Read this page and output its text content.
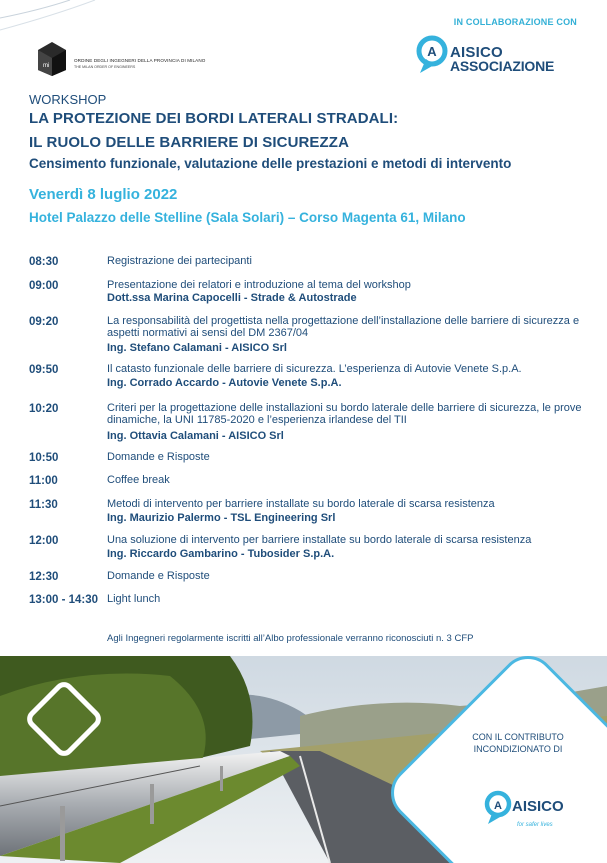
IN COLLABORAZIONE CON
A AISICO
ASSOCIAZIONE
mi
ORDINE DEGLI INGEGNERI DELLA PROVINCIA DI MILANO
THE MILAN ORDER OF ENGINEERS
WORKSHOP
LA PROTEZIONE DEI BORDI LATERALI STRADALI:
IL RUOLO DELLE BARRIERE DI SICUREZZA
Censimento funzionale, valutazione delle prestazioni e metodi di intervento
Venerdì 8 luglio 2022
Hotel Palazzo delle Stelline (Sala Solari) – Corso Magenta 61, Milano
08:30	Registrazione dei partecipanti
09:00	Presentazione dei relatori e introduzione al tema del workshop
Dott.ssa Marina Capocelli - Strade & Autostrade
09:20	La responsabilità del progettista nella progettazione dell’installazione delle barriere di sicurezza e aspetti normativi ai sensi del DM 2367/04
Ing. Stefano Calamani - AISICO Srl
09:50	Il catasto funzionale delle barriere di sicurezza. L’esperienza di Autovie Venete S.p.A.
Ing. Corrado Accardo - Autovie Venete S.p.A.
10:20	Criteri per la progettazione delle installazioni su bordo laterale delle barriere di sicurezza, le prove dinamiche, la UNI 11785-2020 e l’esperienza irlandese del TII
Ing. Ottavia Calamani - AISICO Srl
10:50	Domande e Risposte
11:00	Coffee break
11:30	Metodi di intervento per barriere installate su bordo laterale di scarsa resistenza
Ing. Maurizio Palermo - TSL Engineering Srl
12:00	Una soluzione di intervento per barriere installate su bordo laterale di scarsa resistenza
Ing. Riccardo Gambarino - Tubosider S.p.A.
12:30	Domande e Risposte
13:00 - 14:30 Light lunch
Agli Ingegneri regolarmente iscritti all’Albo professionale verranno riconosciuti n. 3 CFP
CON IL CONTRIBUTO
INCONDIZIONATO DI
A AISICO
for safer lives
